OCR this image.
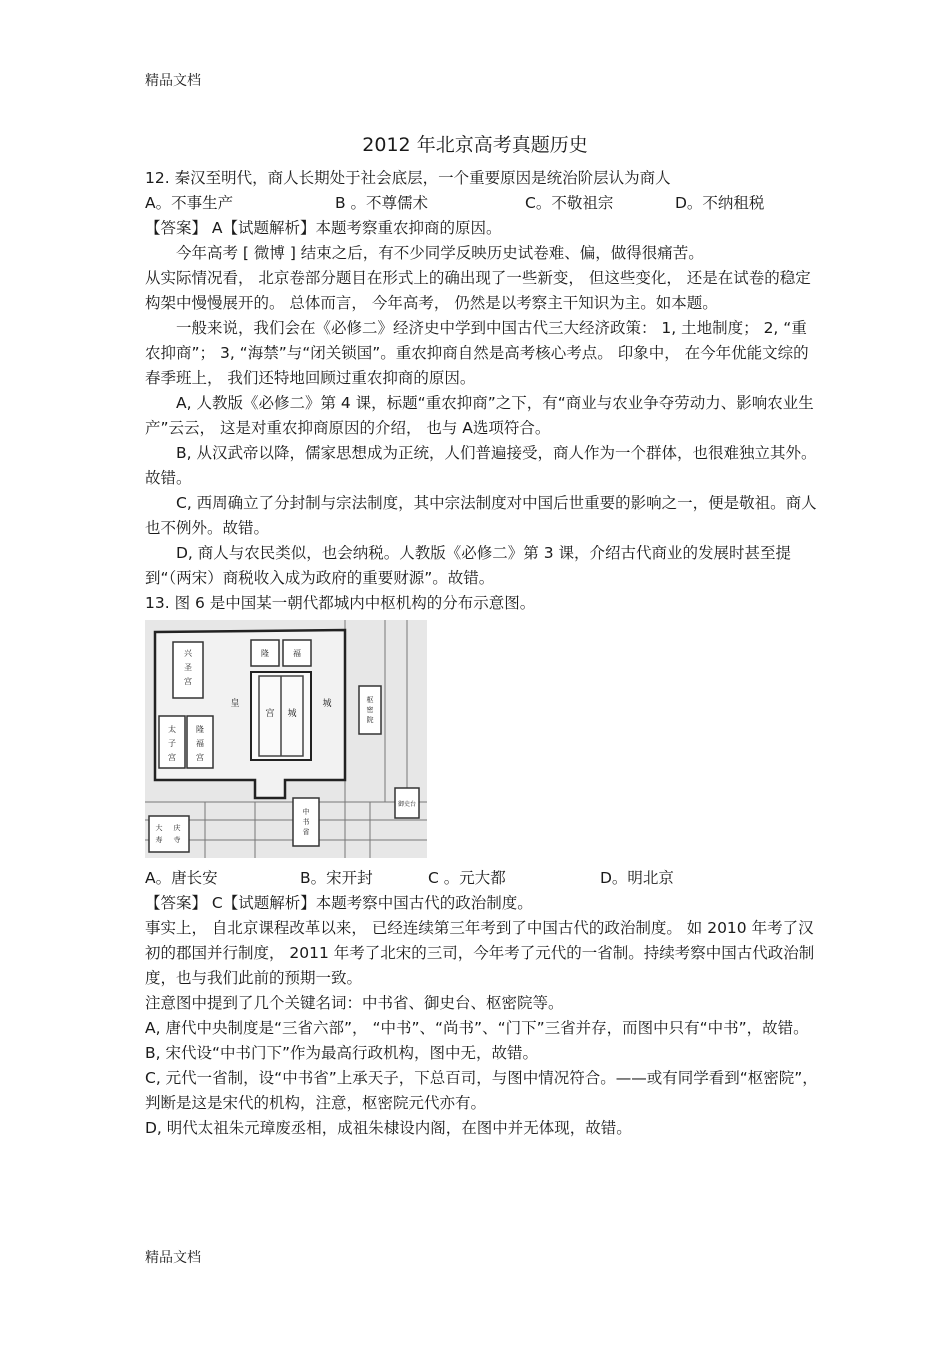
精品文档
2012 年北京高考真题历史

12. 秦汉至明代，商人长期处于社会底层，一个重要原因是统治阶层认为商人

A。不事生产	B 。不尊儒术	C。不敬祖宗	D。不纳租税

【答案】 A【试题解析】本题考察重农抑商的原因。

今年高考 [ 微博 ] 结束之后，有不少同学反映历史试卷难、偏，做得很痛苦。

从实际情况看， 北京卷部分题目在形式上的确出现了一些新变， 但这些变化， 还是在试卷的稳定构架中慢慢展开的。 总体而言， 今年高考， 仍然是以考察主干知识为主。如本题。

一般来说，我们会在《必修二》经济史中学到中国古代三大经济政策： 1, 土地制度； 2, “重农抑商”； 3, “海禁”与“闭关锁国”。重农抑商自然是高考核心考点。 印象中， 在今年优能文综的春季班上， 我们还特地回顾过重农抑商的原因。

A, 人教版《必修二》第 4 课，标题“重农抑商”之下，有“商业与农业争夺劳动力、影响农业生产”云云， 这是对重农抑商原因的介绍， 也与 A选项符合。

B, 从汉武帝以降，儒家思想成为正统，人们普遍接受，商人作为一个群体，也很难独立其外。故错。

C, 西周确立了分封制与宗法制度，其中宗法制度对中国后世重要的影响之一，便是敬祖。商人也不例外。故错。

D, 商人与农民类似，也会纳税。人教版《必修二》第 3 课，介绍古代商业的发展时甚至提到“（两宋）商税收入成为政府的重要财源”。故错。

13. 图 6 是中国某一朝代都城内中枢机构的分布示意图。

兴
圣
宫
太
子
宫
隆
福
宫
皇	城
宫 城
隆	福
枢
密
院
中
书
省
御史台
大
寿
庆
寺
A。唐长安	B。宋开封	C 。元大都	D。明北京

【答案】 C【试题解析】本题考察中国古代的政治制度。

事实上， 自北京课程改革以来， 已经连续第三年考到了中国古代的政治制度。 如 2010 年考了汉初的郡国并行制度， 2011 年考了北宋的三司，今年考了元代的一省制。持续考察中国古代政治制度，也与我们此前的预期一致。

注意图中提到了几个关键名词：中书省、御史台、枢密院等。

A, 唐代中央制度是“三省六部”， “中书”、“尚书”、“门下”三省并存，而图中只有“中书”，故错。

B, 宋代设“中书门下”作为最高行政机构，图中无，故错。

C, 元代一省制，设“中书省”上承天子，下总百司，与图中情况符合。——或有同学看到“枢密院”，判断是这是宋代的机构，注意，枢密院元代亦有。

D, 明代太祖朱元璋废丞相，成祖朱棣设内阁，在图中并无体现，故错。

精品文档
